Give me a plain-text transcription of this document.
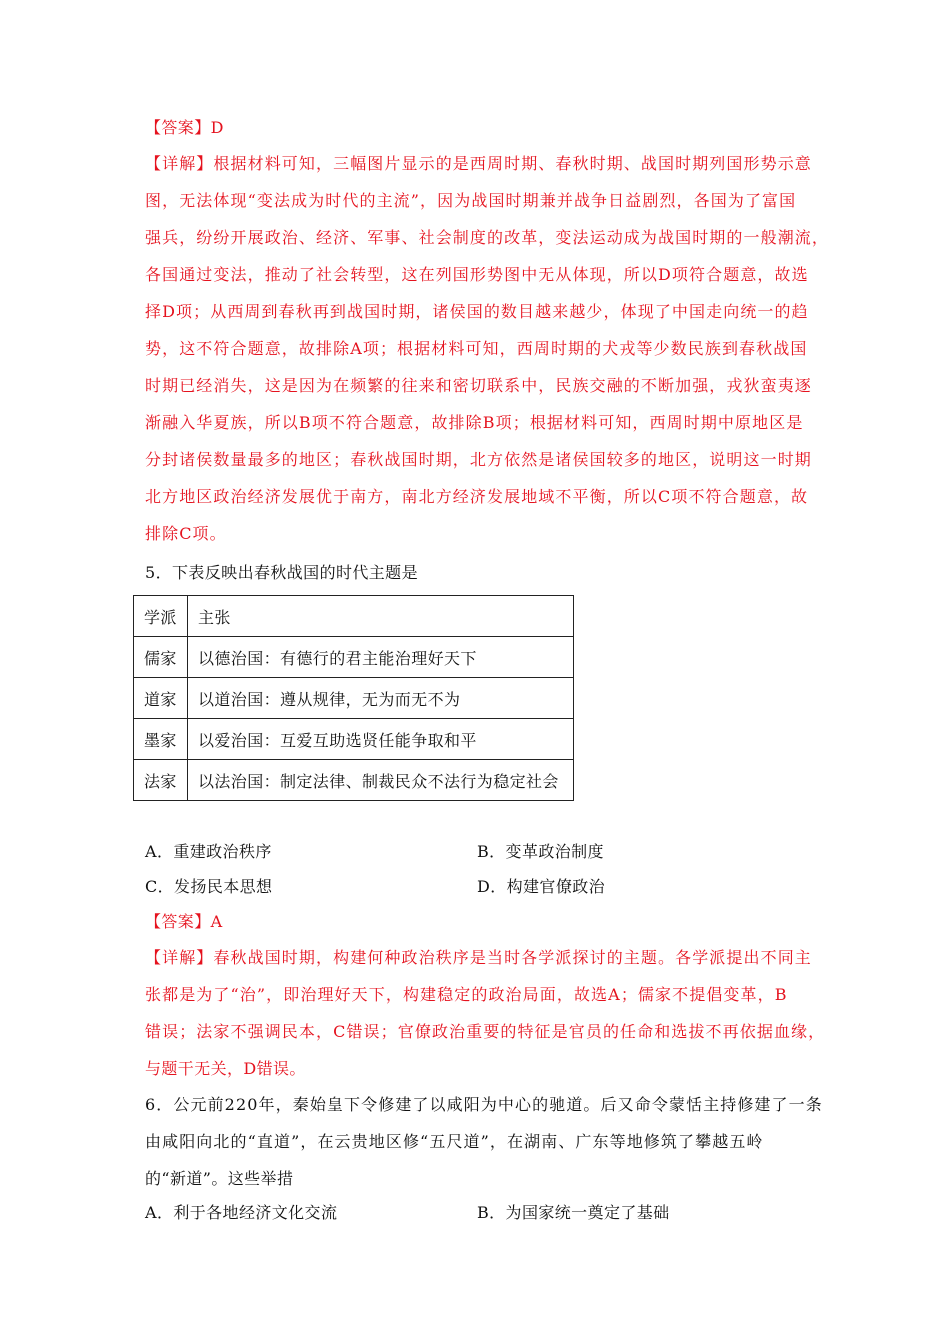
【答案】D
【详解】根据材料可知，三幅图片显示的是西周时期、春秋时期、战国时期列国形势示意
图，无法体现“变法成为时代的主流”，因为战国时期兼并战争日益剧烈，各国为了富国
强兵，纷纷开展政治、经济、军事、社会制度的改革，变法运动成为战国时期的一般潮流，
各国通过变法，推动了社会转型，这在列国形势图中无从体现，所以D项符合题意，故选
择D项；从西周到春秋再到战国时期，诸侯国的数目越来越少，体现了中国走向统一的趋
势，这不符合题意，故排除A项；根据材料可知，西周时期的犬戎等少数民族到春秋战国
时期已经消失，这是因为在频繁的往来和密切联系中，民族交融的不断加强，戎狄蛮夷逐
渐融入华夏族，所以B项不符合题意，故排除B项；根据材料可知，西周时期中原地区是
分封诸侯数量最多的地区；春秋战国时期，北方依然是诸侯国较多的地区，说明这一时期
北方地区政治经济发展优于南方，南北方经济发展地域不平衡，所以C项不符合题意，故
排除C项。
5．下表反映出春秋战国的时代主题是
学派	主张
儒家	以德治国：有德行的君主能治理好天下
道家	以道治国：遵从规律，无为而无不为
墨家	以爱治国：互爱互助选贤任能争取和平
法家	以法治国：制定法律、制裁民众不法行为稳定社会
A．重建政治秩序	B．变革政治制度
C．发扬民本思想	D．构建官僚政治
【答案】A
【详解】春秋战国时期，构建何种政治秩序是当时各学派探讨的主题。各学派提出不同主
张都是为了“治”，即治理好天下，构建稳定的政治局面，故选A；儒家不提倡变革，B
错误；法家不强调民本，C错误；官僚政治重要的特征是官员的任命和选拔不再依据血缘，
与题干无关，D错误。
6．公元前220年，秦始皇下令修建了以咸阳为中心的驰道。后又命令蒙恬主持修建了一条
由咸阳向北的“直道”，在云贵地区修“五尺道”，在湖南、广东等地修筑了攀越五岭
的“新道”。这些举措
A．利于各地经济文化交流	B．为国家统一奠定了基础
